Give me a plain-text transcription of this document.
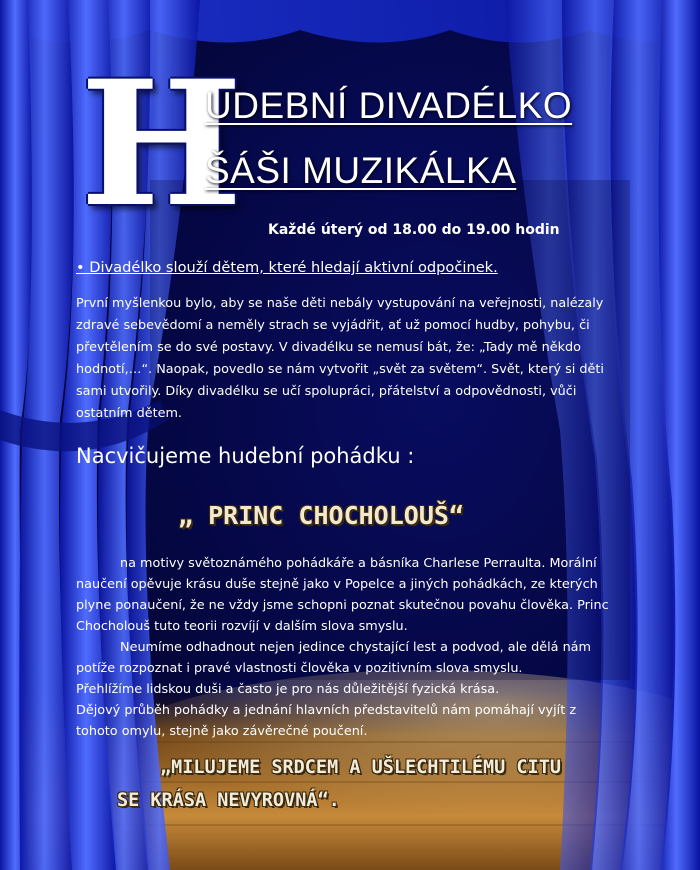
H
UDEBNÍ DIVADÉLKO
ŠÁŠI MUZIKÁLKA
Každé úterý od 18.00 do 19.00 hodin
• Divadélko slouží dětem, které hledají aktivní odpočinek.
První myšlenkou bylo, aby se naše děti nebály vystupování na veřejnosti, nalézaly zdravé sebevědomí a neměly strach se vyjádřit, ať už pomocí hudby, pohybu, či převtělením se do své postavy. V divadélku se nemusí bát, že: „Tady mě někdo hodnotí,…“. Naopak, povedlo se nám vytvořit „svět za světem“. Svět, který si děti sami utvořily. Díky divadélku se učí spolupráci, přátelství a odpovědnosti, vůči ostatním dětem.
Nacvičujeme hudební pohádku :
„ PRINC CHOCHOLOUŠ“
na motivy světoznámého pohádkáře a básníka Charlese Perraulta. Morální
naučení opěvuje krásu duše stejně jako v Popelce a jiných pohádkách, ze kterých
plyne ponaučení, že ne vždy jsme schopni poznat skutečnou povahu člověka. Princ
Chocholouš tuto teorii rozvíjí v dalším slova smyslu.
Neumíme odhadnout nejen jedince chystající lest a podvod, ale dělá nám
potíže rozpoznat i pravé vlastnosti člověka v pozitivním slova smyslu.
Přehlížíme lidskou duši a často je pro nás důležitější fyzická krása.
Dějový průběh pohádky a jednání hlavních představitelů nám pomáhají vyjít z
tohoto omylu, stejně jako závěrečné poučení.
„MILUJEME SRDCEM A UŠLECHTILÉMU CITU
SE KRÁSA NEVYROVNÁ“.
